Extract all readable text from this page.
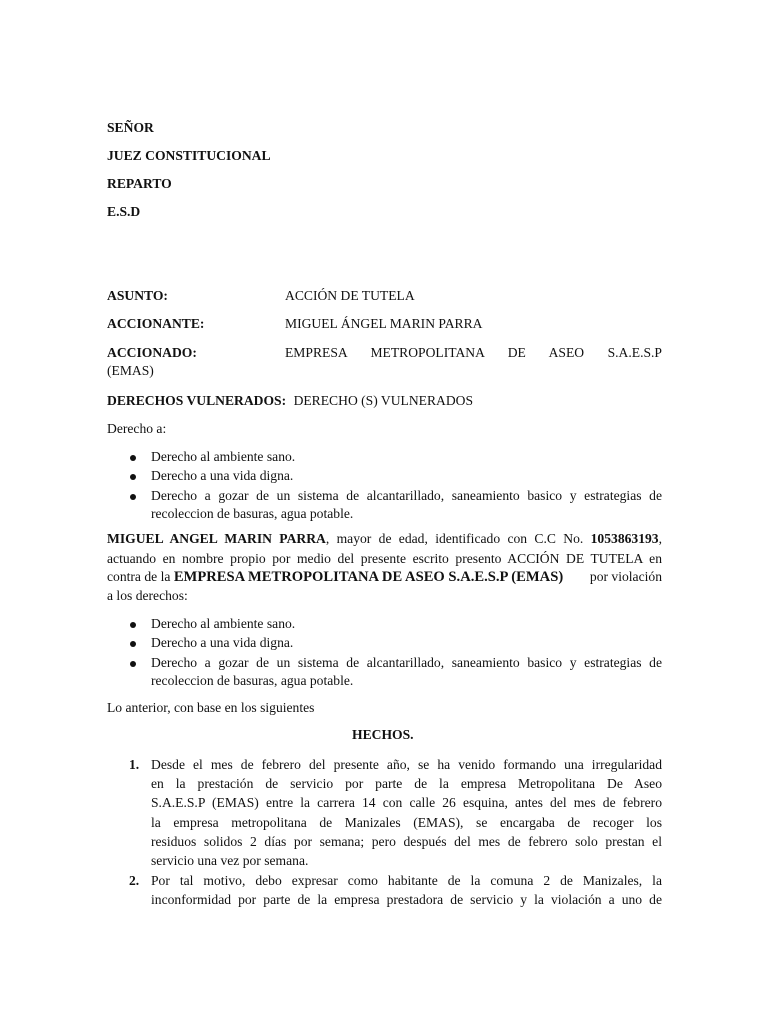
SEÑOR
JUEZ CONSTITUCIONAL
REPARTO
E.S.D
ASUNTO:	ACCIÓN DE TUTELA
ACCIONANTE:	MIGUEL ÁNGEL MARIN PARRA
ACCIONADO:	EMPRESA METROPOLITANA DE ASEO S.A.E.S.P
(EMAS)
DERECHOS VULNERADOS: DERECHO (S) VULNERADOS
Derecho a:
Derecho al ambiente sano.
Derecho a una vida digna.
Derecho a gozar de un sistema de alcantarillado, saneamiento basico y estrategias de
recoleccion de basuras, agua potable.
MIGUEL ANGEL MARIN PARRA, mayor de edad, identificado con C.C No. 1053863193,
actuando en nombre propio por medio del presente escrito presento ACCIÓN DE TUTELA en
contra de la EMPRESA METROPOLITANA DE ASEO S.A.E.S.P (EMAS) por violación
a los derechos:
Derecho al ambiente sano.
Derecho a una vida digna.
Derecho a gozar de un sistema de alcantarillado, saneamiento basico y estrategias de
recoleccion de basuras, agua potable.
Lo anterior, con base en los siguientes
HECHOS.
1. Desde el mes de febrero del presente año, se ha venido formando una irregularidad
en la prestación de servicio por parte de la empresa Metropolitana De Aseo
S.A.E.S.P (EMAS) entre la carrera 14 con calle 26 esquina, antes del mes de febrero
la empresa metropolitana de Manizales (EMAS), se encargaba de recoger los
residuos solidos 2 días por semana; pero después del mes de febrero solo prestan el
servicio una vez por semana.
2. Por tal motivo, debo expresar como habitante de la comuna 2 de Manizales, la
inconformidad por parte de la empresa prestadora de servicio y la violación a uno de
